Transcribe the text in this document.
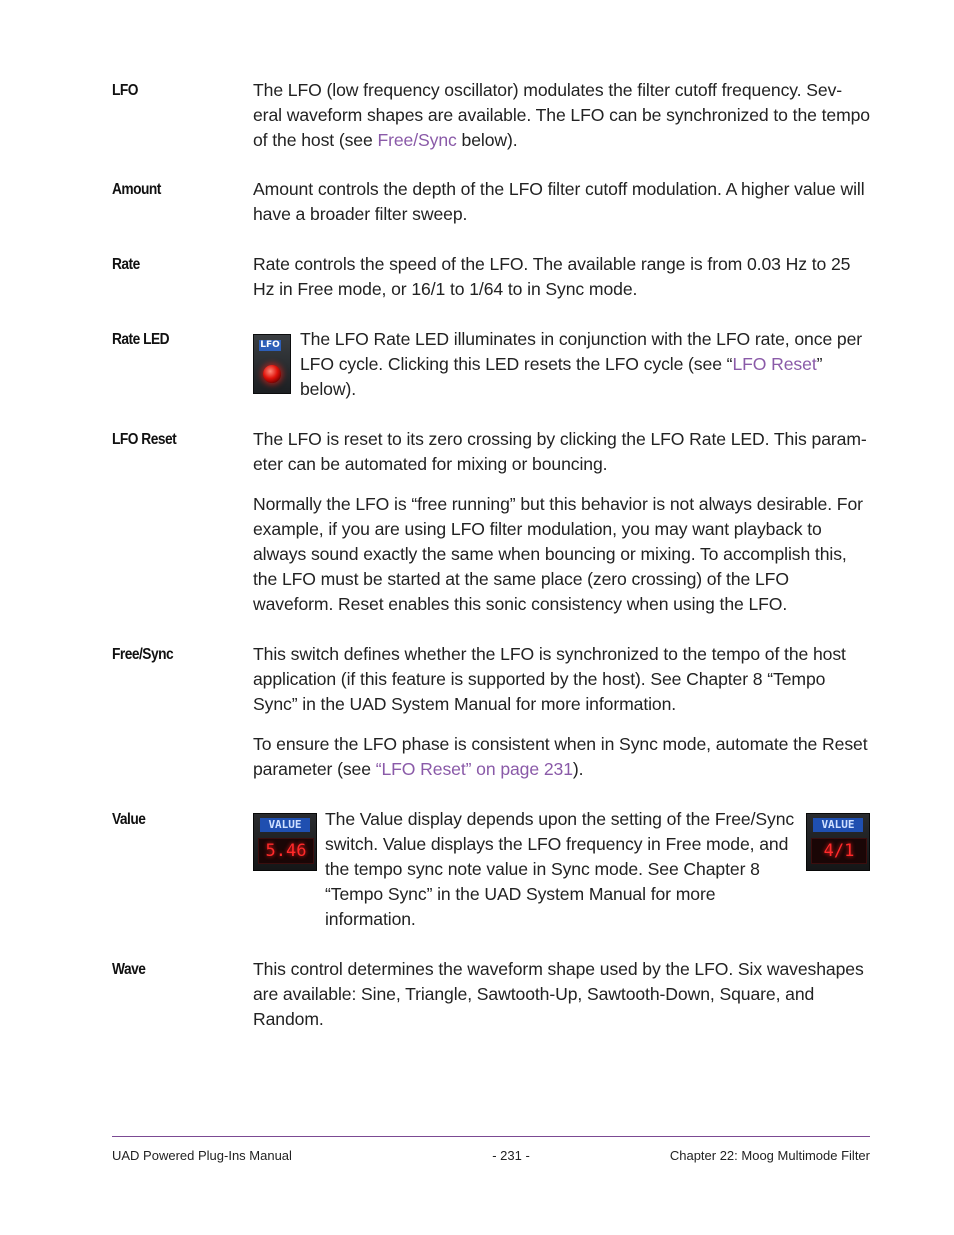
LFO	The LFO (low frequency oscillator) modulates the filter cutoff frequency. Sev-eral waveform shapes are available. The LFO can be synchronized to the tempo of the host (see Free/Sync below).

Amount	Amount controls the depth of the LFO filter cutoff modulation. A higher value will have a broader filter sweep.
Rate	Rate controls the speed of the LFO. The available range is from 0.03 Hz to 25 Hz in Free mode, or 16/1 to 1/64 to in Sync mode.
Rate LED	The LFO Rate LED illuminates in conjunction with the LFO rate, once per LFO cycle. Clicking this LED resets the LFO cycle (see “LFO Reset” below).

LFO
LFO Reset	The LFO is reset to its zero crossing by clicking the LFO Rate LED. This param-eter can be automated for mixing or bouncing.

Normally the LFO is “free running” but this behavior is not always desirable. For example, if you are using LFO filter modulation, you may want playback to always sound exactly the same when bouncing or mixing. To accomplish this, the LFO must be started at the same place (zero crossing) of the LFO waveform. Reset enables this sonic consistency when using the LFO.

Free/Sync	This switch defines whether the LFO is synchronized to the tempo of the host application (if this feature is supported by the host). See Chapter 8 “Tempo Sync” in the UAD System Manual for more information.

To ensure the LFO phase is consistent when in Sync mode, automate the Reset parameter (see “LFO Reset” on page 231).

Value	The Value display depends upon the setting of the Free/Sync switch. Value displays the LFO frequency in Free mode, and the tempo sync note value in Sync mode. See Chapter 8 “Tempo Sync” in the UAD System Manual for more information.
VALUE
5.46
VALUE
4/1
Wave	This control determines the waveform shape used by the LFO. Six waveshapes are available: Sine, Triangle, Sawtooth-Up, Sawtooth-Down, Square, and Random.
UAD Powered Plug-Ins Manual	- 231 -	Chapter 22: Moog Multimode Filter
